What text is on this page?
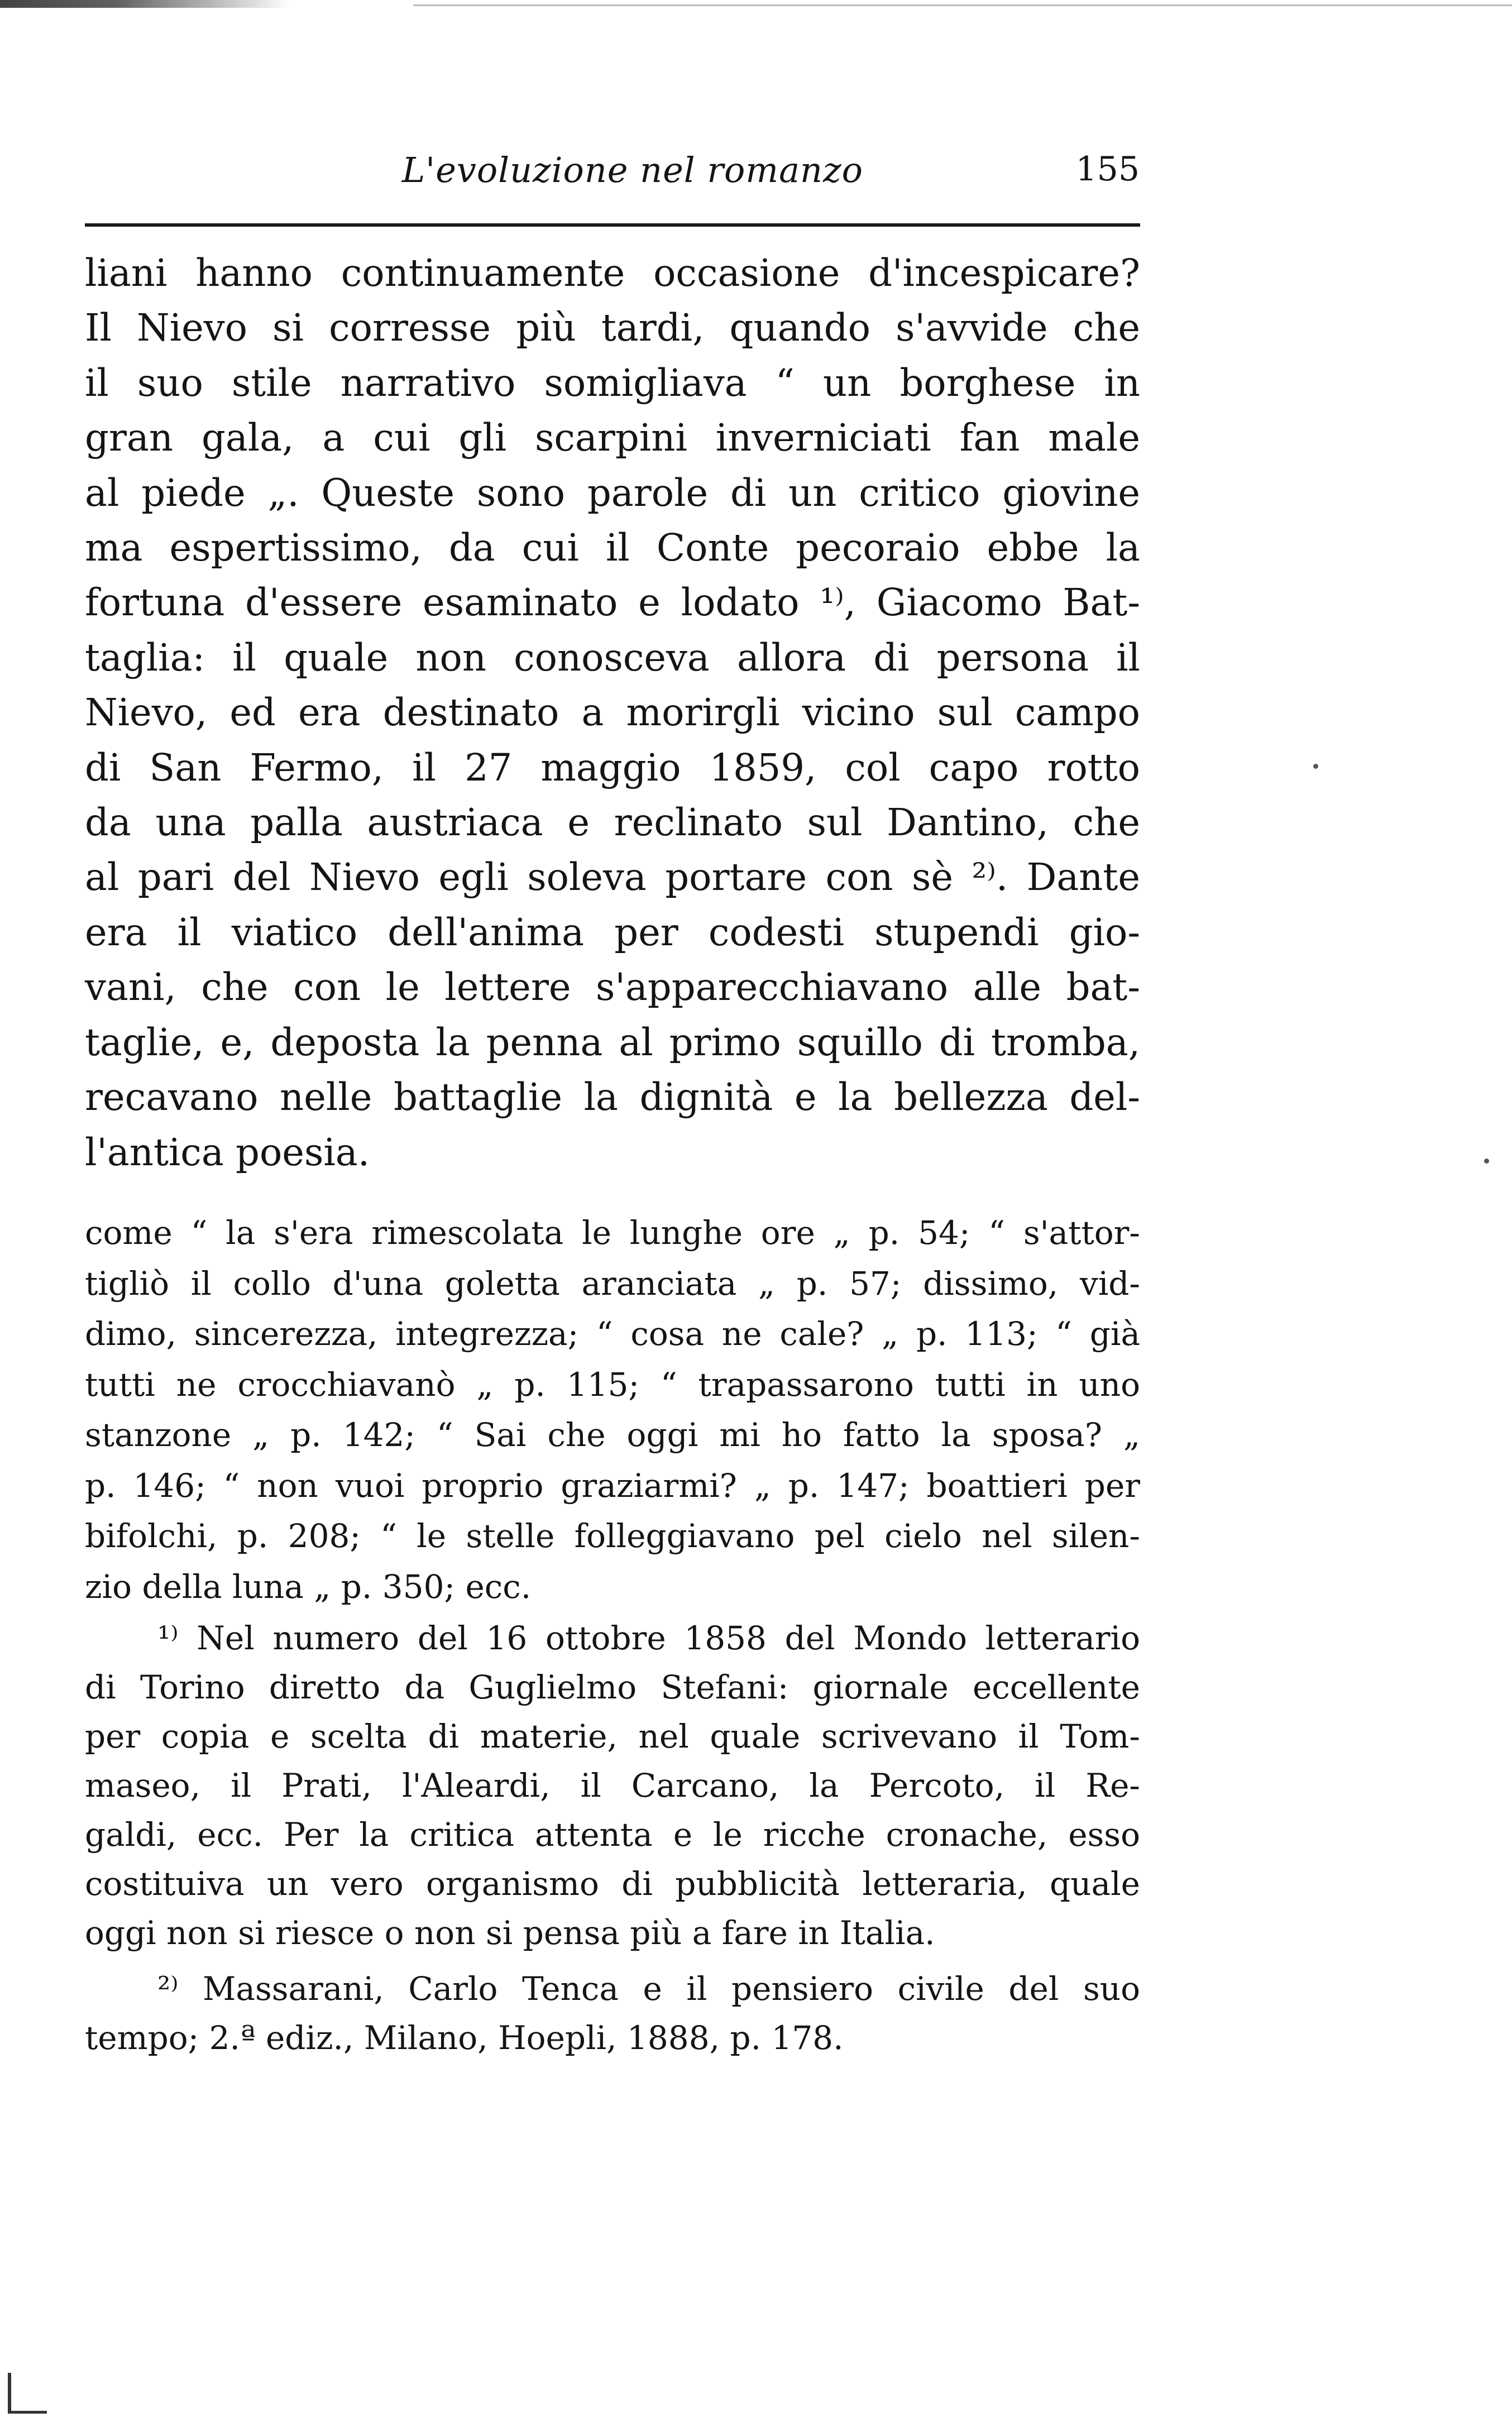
L'evoluzione nel romanzo	155
liani hanno continuamente occasione d'incespicare?
Il Nievo si corresse più tardi, quando s'avvide che
il suo stile narrativo somigliava “ un borghese in
gran gala, a cui gli scarpini inverniciati fan male
al piede „. Queste sono parole di un critico giovine
ma espertissimo, da cui il Conte pecoraio ebbe la
fortuna d'essere esaminato e lodato ¹⁾, Giacomo Bat-
taglia: il quale non conosceva allora di persona il
Nievo, ed era destinato a morirgli vicino sul campo
di San Fermo, il 27 maggio 1859, col capo rotto
da una palla austriaca e reclinato sul Dantino, che
al pari del Nievo egli soleva portare con sè ²⁾. Dante
era il viatico dell'anima per codesti stupendi gio-
vani, che con le lettere s'apparecchiavano alle bat-
taglie, e, deposta la penna al primo squillo di tromba,
recavano nelle battaglie la dignità e la bellezza del-
l'antica poesia.
come “ la s'era rimescolata le lunghe ore „ p. 54; “ s'attor-
tigliò il collo d'una goletta aranciata „ p. 57; dissimo, vid-
dimo, sincerezza, integrezza; “ cosa ne cale? „ p. 113; “ già
tutti ne crocchiavanò „ p. 115; “ trapassarono tutti in uno
stanzone „ p. 142; “ Sai che oggi mi ho fatto la sposa? „
p. 146; “ non vuoi proprio graziarmi? „ p. 147; boattieri per
bifolchi, p. 208; “ le stelle folleggiavano pel cielo nel silen-
zio della luna „ p. 350; ecc.
¹⁾ Nel numero del 16 ottobre 1858 del Mondo letterario
di Torino diretto da Guglielmo Stefani: giornale eccellente
per copia e scelta di materie, nel quale scrivevano il Tom-
maseo, il Prati, l'Aleardi, il Carcano, la Percoto, il Re-
galdi, ecc. Per la critica attenta e le ricche cronache, esso
costituiva un vero organismo di pubblicità letteraria, quale
oggi non si riesce o non si pensa più a fare in Italia.
²⁾ Massarani, Carlo Tenca e il pensiero civile del suo
tempo; 2.ª ediz., Milano, Hoepli, 1888, p. 178.
